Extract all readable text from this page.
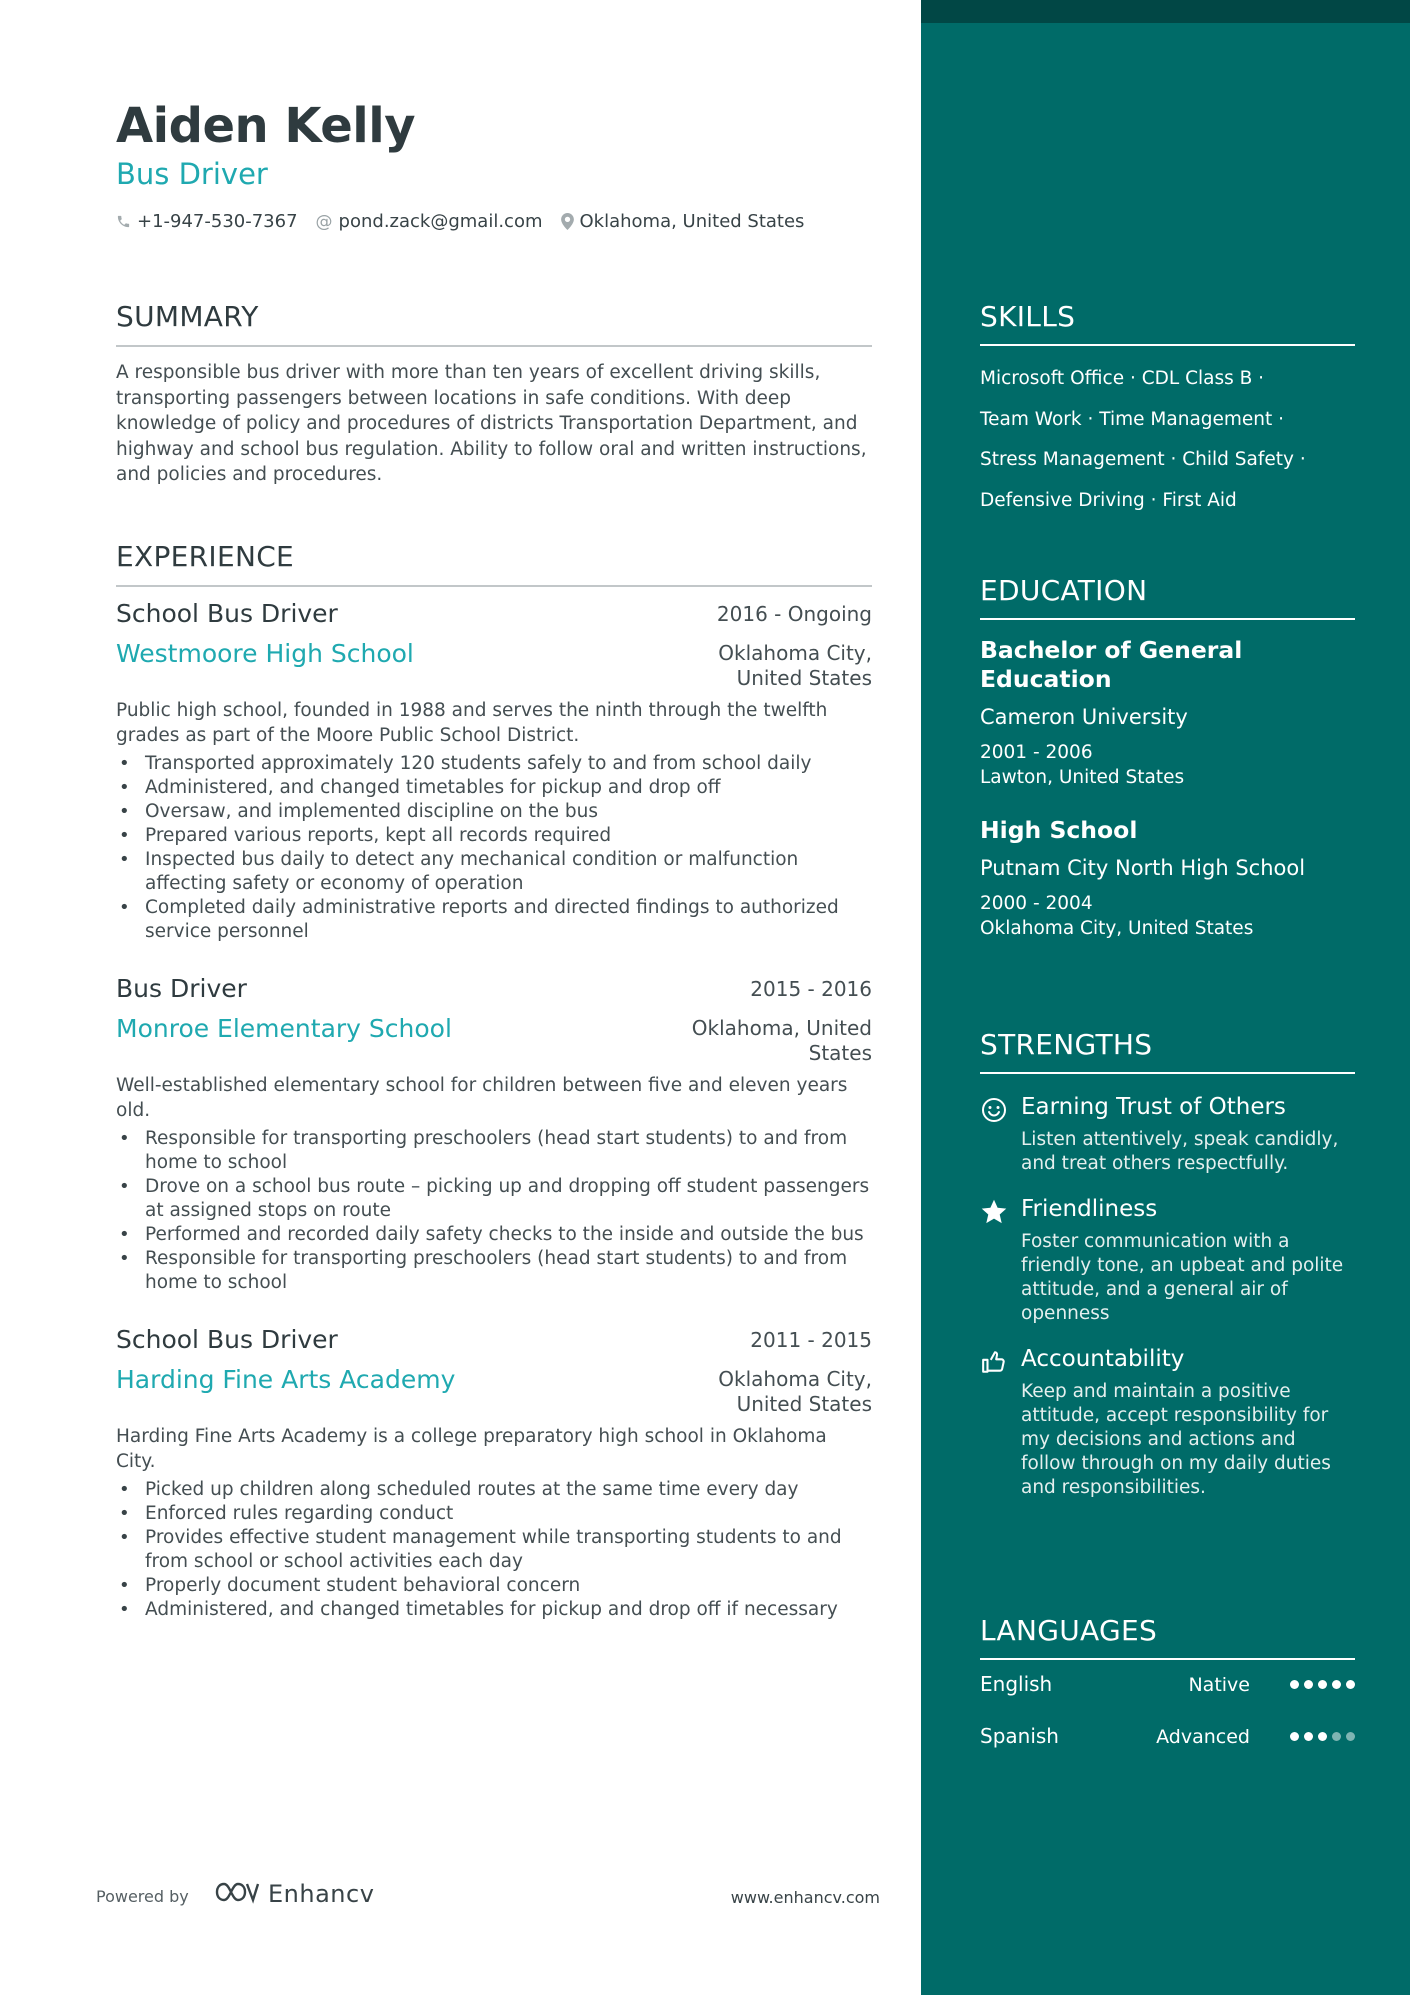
Aiden Kelly
Bus Driver
+1-947-530-7367 @ pond.zack@gmail.com Oklahoma, United States
SUMMARY
A responsible bus driver with more than ten years of excellent driving skills, transporting passengers between locations in safe conditions. With deep knowledge of policy and procedures of districts Transportation Department, and highway and school bus regulation. Ability to follow oral and written instructions, and policies and procedures.
EXPERIENCE
School Bus Driver	2016 - Ongoing
Westmoore High School	Oklahoma City,
United States
Public high school, founded in 1988 and serves the ninth through the twelfth grades as part of the Moore Public School District.
• Transported approximately 120 students safely to and from school daily
• Administered, and changed timetables for pickup and drop off
• Oversaw, and implemented discipline on the bus
• Prepared various reports, kept all records required
• Inspected bus daily to detect any mechanical condition or malfunction affecting safety or economy of operation
• Completed daily administrative reports and directed findings to authorized service personnel
Bus Driver	2015 - 2016
Monroe Elementary School	Oklahoma, United
States
Well-established elementary school for children between five and eleven years old.
• Responsible for transporting preschoolers (head start students) to and from home to school
• Drove on a school bus route – picking up and dropping off student passengers at assigned stops on route
• Performed and recorded daily safety checks to the inside and outside the bus
• Responsible for transporting preschoolers (head start students) to and from home to school
School Bus Driver	2011 - 2015
Harding Fine Arts Academy	Oklahoma City,
United States
Harding Fine Arts Academy is a college preparatory high school in Oklahoma City.
• Picked up children along scheduled routes at the same time every day
• Enforced rules regarding conduct
• Provides effective student management while transporting students to and from school or school activities each day
• Properly document student behavioral concern
• Administered, and changed timetables for pickup and drop off if necessary
Powered by	Enhancv	www.enhancv.com
SKILLS
Microsoft Office · CDL Class B ·
Team Work · Time Management ·
Stress Management · Child Safety ·
Defensive Driving · First Aid
EDUCATION
Bachelor of General Education
Cameron University
2001 - 2006
Lawton, United States
High School
Putnam City North High School
2000 - 2004
Oklahoma City, United States
STRENGTHS
Earning Trust of Others
Listen attentively, speak candidly, and treat others respectfully.
Friendliness
Foster communication with a friendly tone, an upbeat and polite attitude, and a general air of openness
Accountability
Keep and maintain a positive attitude, accept responsibility for my decisions and actions and follow through on my daily duties and responsibilities.
LANGUAGES
English	Native
Spanish	Advanced
